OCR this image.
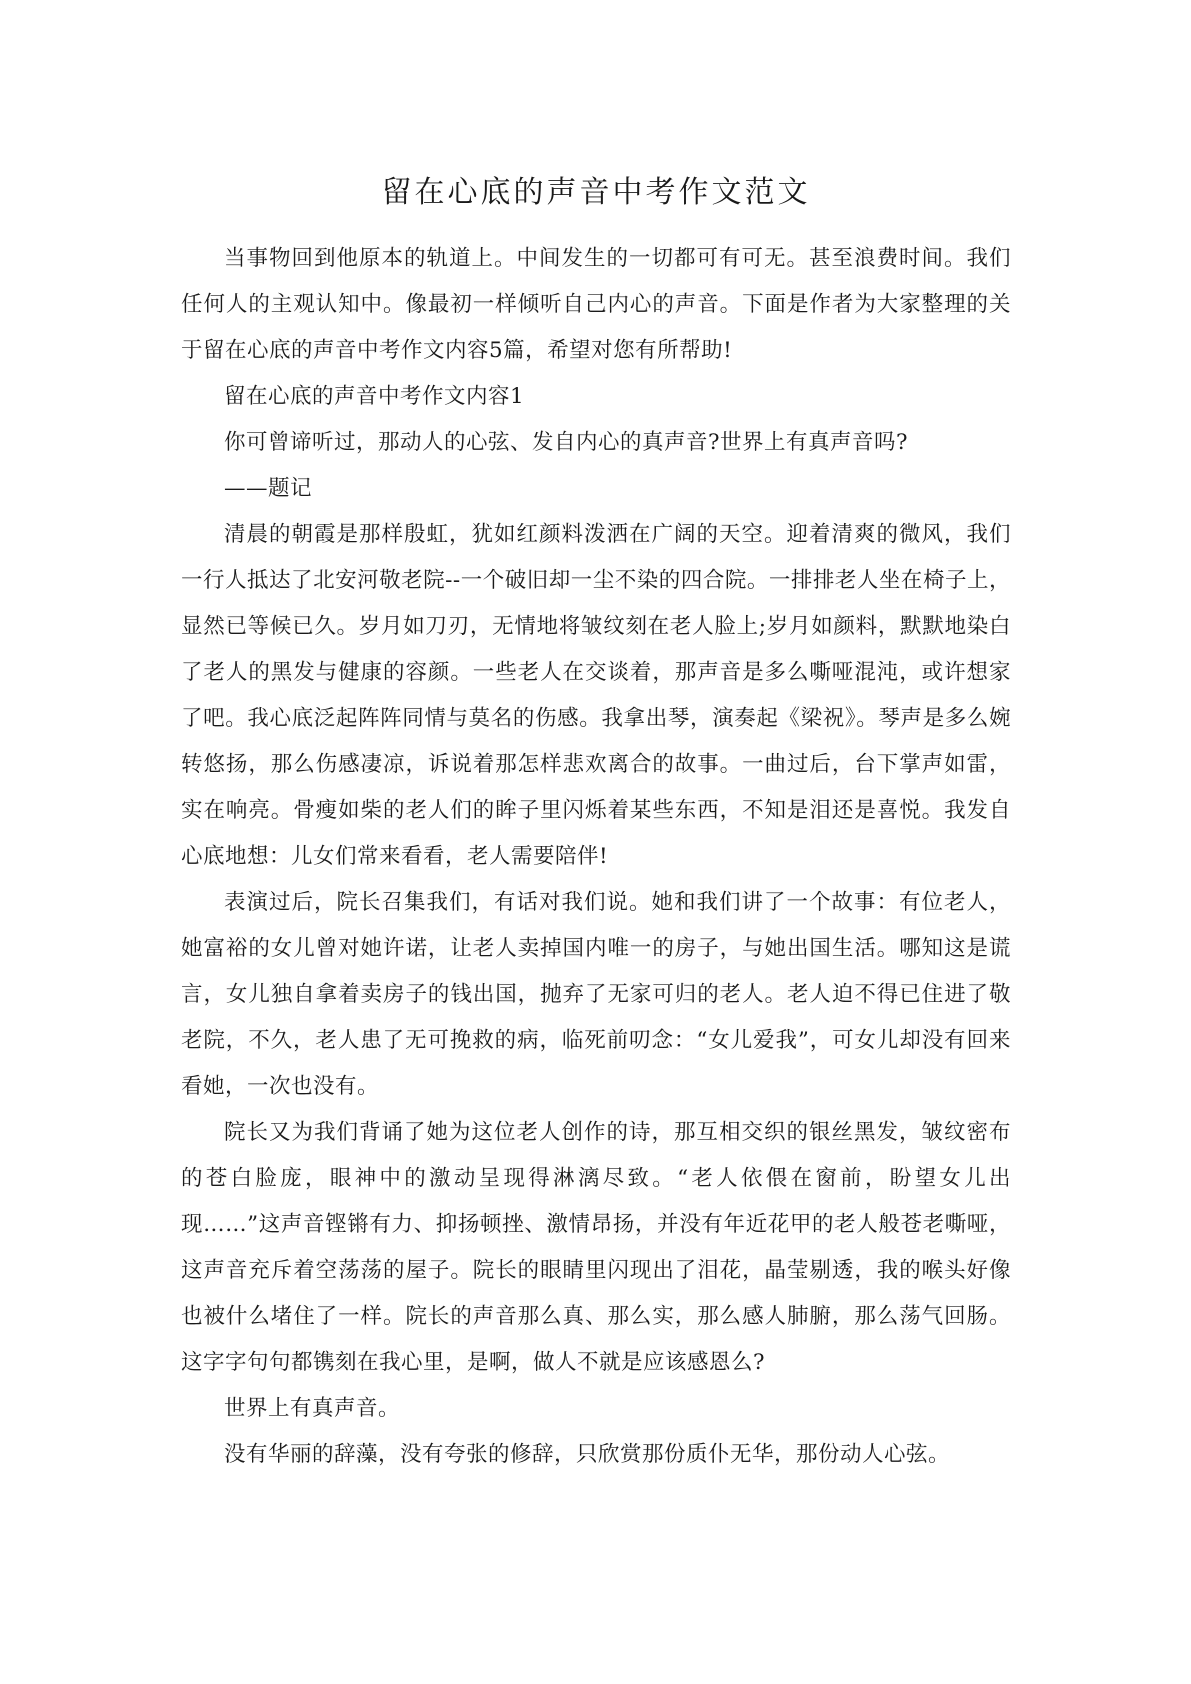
留在心底的声音中考作文范文

当事物回到他原本的轨道上。中间发生的一切都可有可无。甚至浪费时间。我们任何人的主观认知中。像最初一样倾听自己内心的声音。下面是作者为大家整理的关于留在心底的声音中考作文内容5篇，希望对您有所帮助!

留在心底的声音中考作文内容1

你可曾谛听过，那动人的心弦、发自内心的真声音?世界上有真声音吗?

——题记

清晨的朝霞是那样殷虹，犹如红颜料泼洒在广阔的天空。迎着清爽的微风，我们一行人抵达了北安河敬老院--一个破旧却一尘不染的四合院。一排排老人坐在椅子上，显然已等候已久。岁月如刀刃，无情地将皱纹刻在老人脸上;岁月如颜料，默默地染白了老人的黑发与健康的容颜。一些老人在交谈着，那声音是多么嘶哑混沌，或许想家了吧。我心底泛起阵阵同情与莫名的伤感。我拿出琴，演奏起《梁祝》。琴声是多么婉转悠扬，那么伤感凄凉，诉说着那怎样悲欢离合的故事。一曲过后，台下掌声如雷，实在响亮。骨瘦如柴的老人们的眸子里闪烁着某些东西，不知是泪还是喜悦。我发自心底地想：儿女们常来看看，老人需要陪伴!

表演过后，院长召集我们，有话对我们说。她和我们讲了一个故事：有位老人，她富裕的女儿曾对她许诺，让老人卖掉国内唯一的房子，与她出国生活。哪知这是谎言，女儿独自拿着卖房子的钱出国，抛弃了无家可归的老人。老人迫不得已住进了敬老院，不久，老人患了无可挽救的病，临死前叨念：“女儿爱我”，可女儿却没有回来看她，一次也没有。

院长又为我们背诵了她为这位老人创作的诗，那互相交织的银丝黑发，皱纹密布的苍白脸庞，眼神中的激动呈现得淋漓尽致。“老人依偎在窗前，盼望女儿出现……”这声音铿锵有力、抑扬顿挫、激情昂扬，并没有年近花甲的老人般苍老嘶哑，这声音充斥着空荡荡的屋子。院长的眼睛里闪现出了泪花，晶莹剔透，我的喉头好像也被什么堵住了一样。院长的声音那么真、那么实，那么感人肺腑，那么荡气回肠。这字字句句都镌刻在我心里，是啊，做人不就是应该感恩么?

世界上有真声音。

没有华丽的辞藻，没有夸张的修辞，只欣赏那份质仆无华，那份动人心弦。
